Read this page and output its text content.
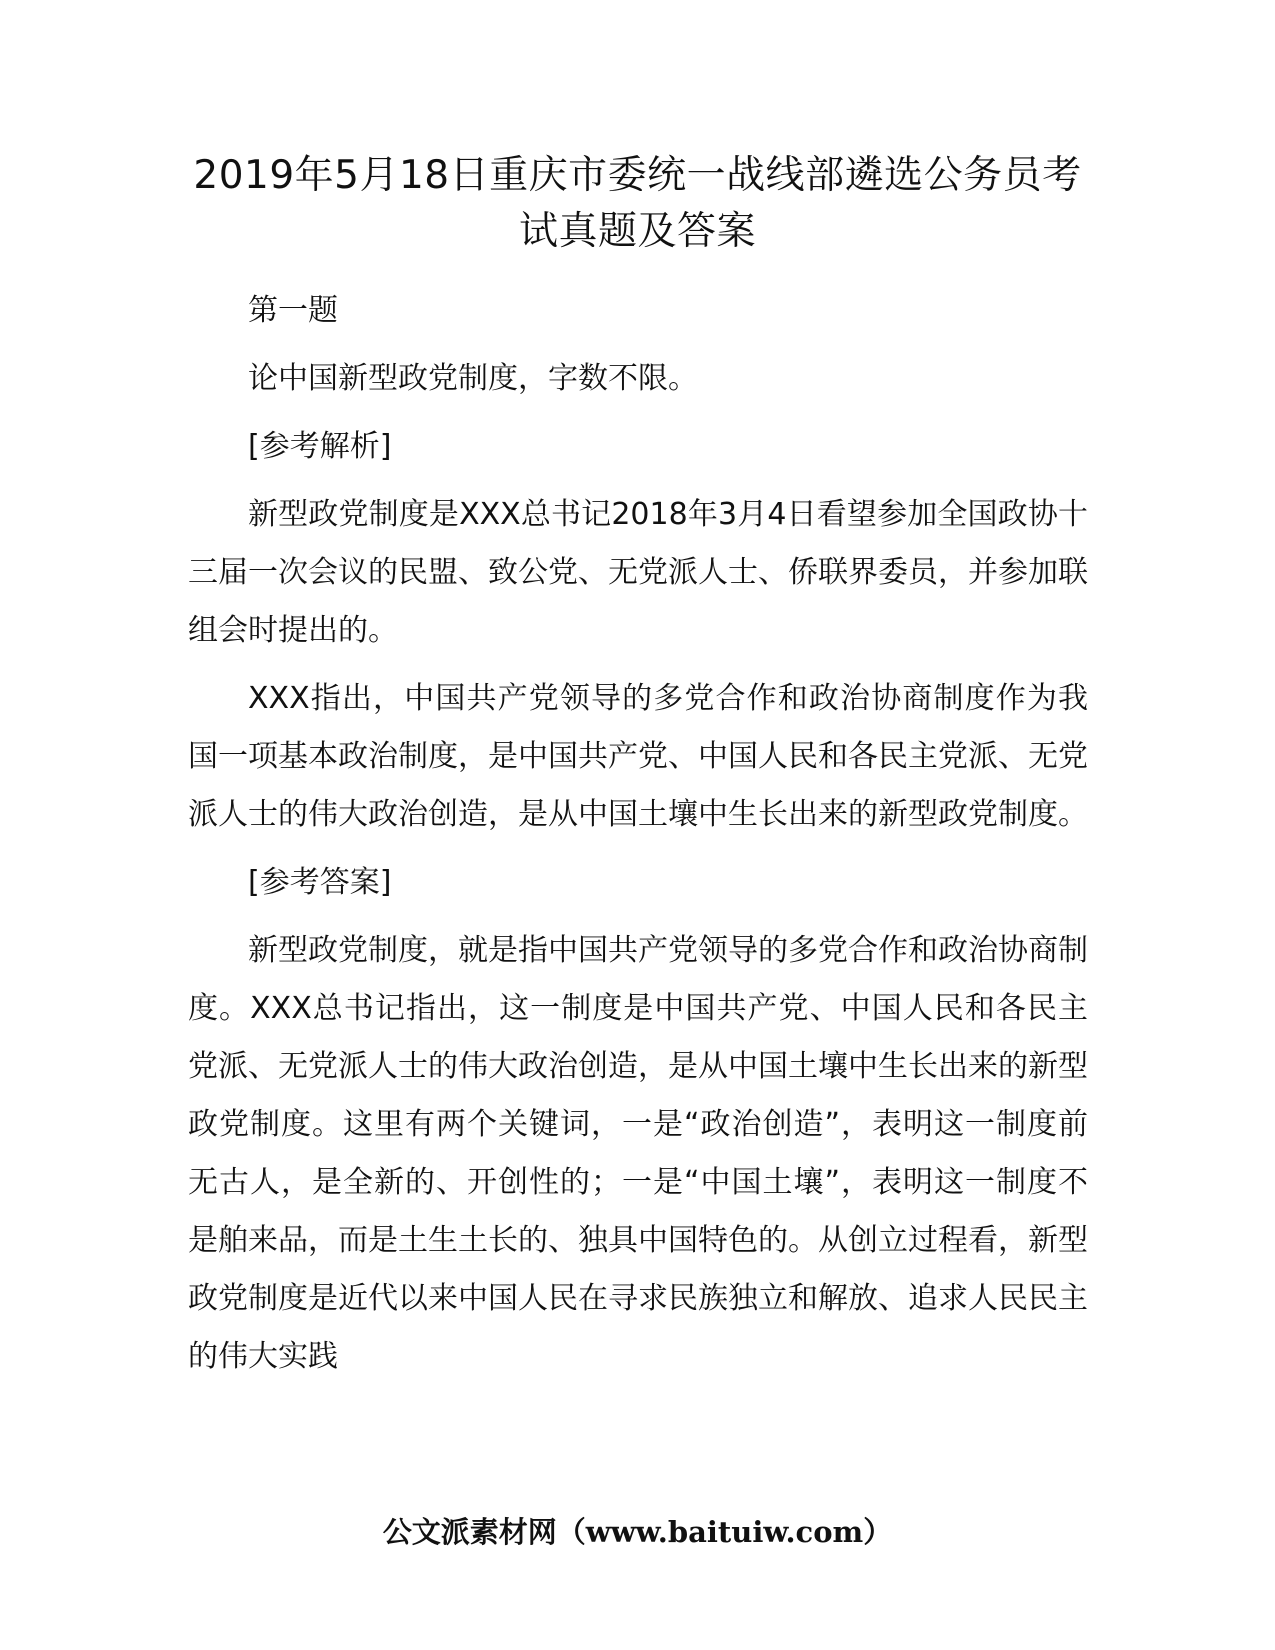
2019年5月18日重庆市委统一战线部遴选公务员考试真题及答案

第一题

论中国新型政党制度，字数不限。

[参考解析]

新型政党制度是XXX总书记2018年3月4日看望参加全国政协十三届一次会议的民盟、致公党、无党派人士、侨联界委员，并参加联组会时提出的。

XXX指出，中国共产党领导的多党合作和政治协商制度作为我国一项基本政治制度，是中国共产党、中国人民和各民主党派、无党派人士的伟大政治创造，是从中国土壤中生长出来的新型政党制度。

[参考答案]

新型政党制度，就是指中国共产党领导的多党合作和政治协商制度。XXX总书记指出，这一制度是中国共产党、中国人民和各民主党派、无党派人士的伟大政治创造，是从中国土壤中生长出来的新型政党制度。这里有两个关键词，一是“政治创造”，表明这一制度前无古人，是全新的、开创性的；一是“中国土壤”，表明这一制度不是舶来品，而是土生土长的、独具中国特色的。从创立过程看，新型政党制度是近代以来中国人民在寻求民族独立和解放、追求人民民主的伟大实践

公文派素材网（www.baituiw.com）
